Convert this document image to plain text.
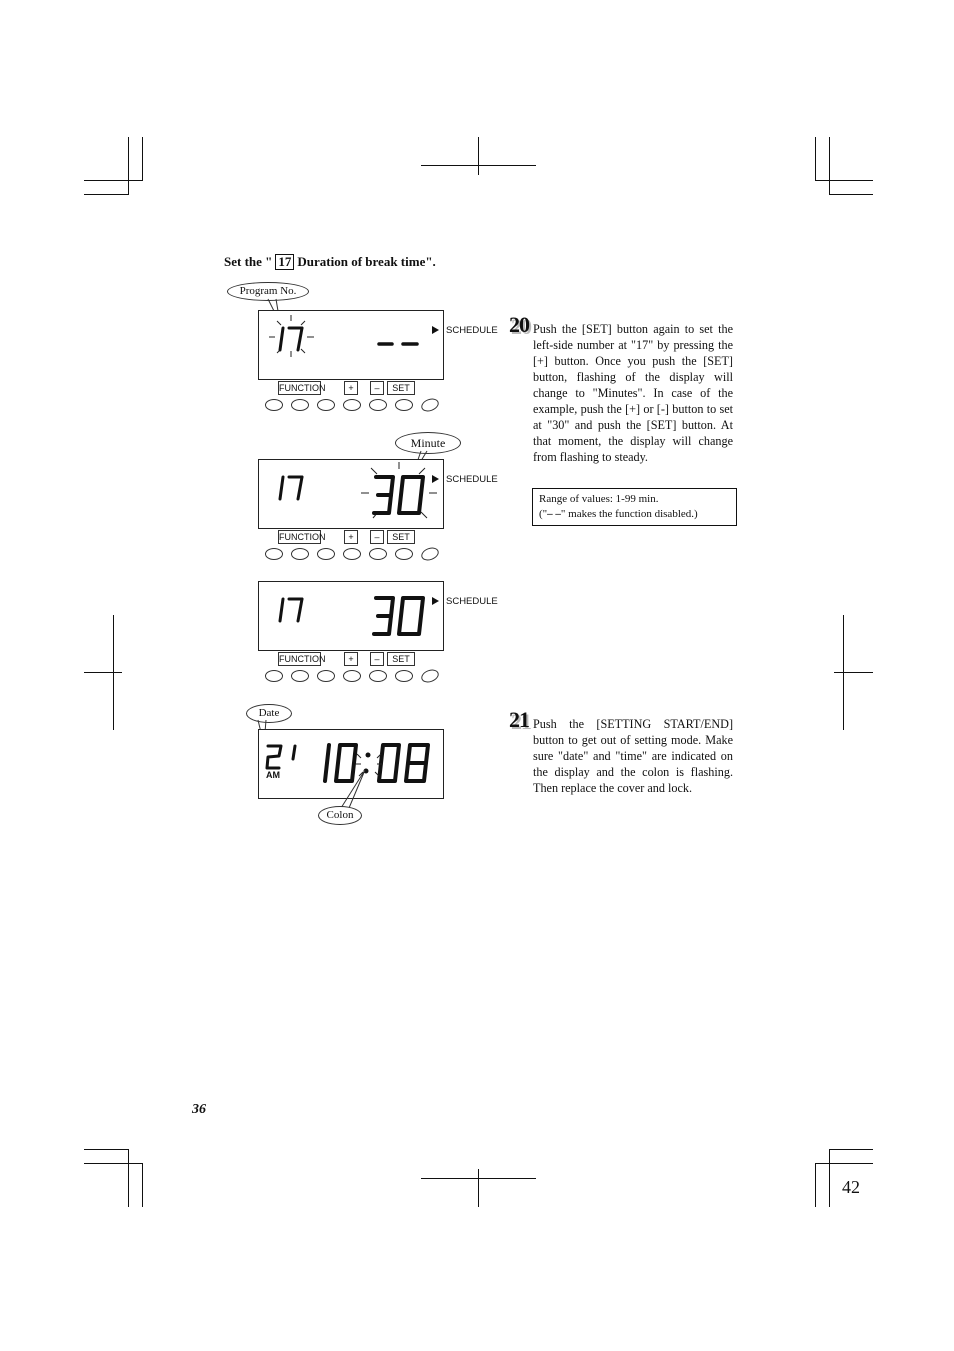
Set the " 17 Duration of break time".
Program No.
SCHEDULE
FUNCTION	+	–	SET
Minute
SCHEDULE
FUNCTION	+	–	SET
SCHEDULE
FUNCTION	+	–	SET
Date
AM
Colon
20 Push the [SET] button again to set the left-side number at "17" by pressing the [+] button. Once you push the [SET] button, flashing of the display will change to "Minutes". In case of the example, push the [+] or [-] button to set at "30" and push the [SET] button. At that moment, the display will change from flashing to steady.
Range of values: 1-99 min.
("– –" makes the function disabled.)
21 Push the [SETTING START/END] button to get out of setting mode. Make sure "date" and "time" are indicated on the display and the colon is flashing. Then replace the cover and lock.
36
42
